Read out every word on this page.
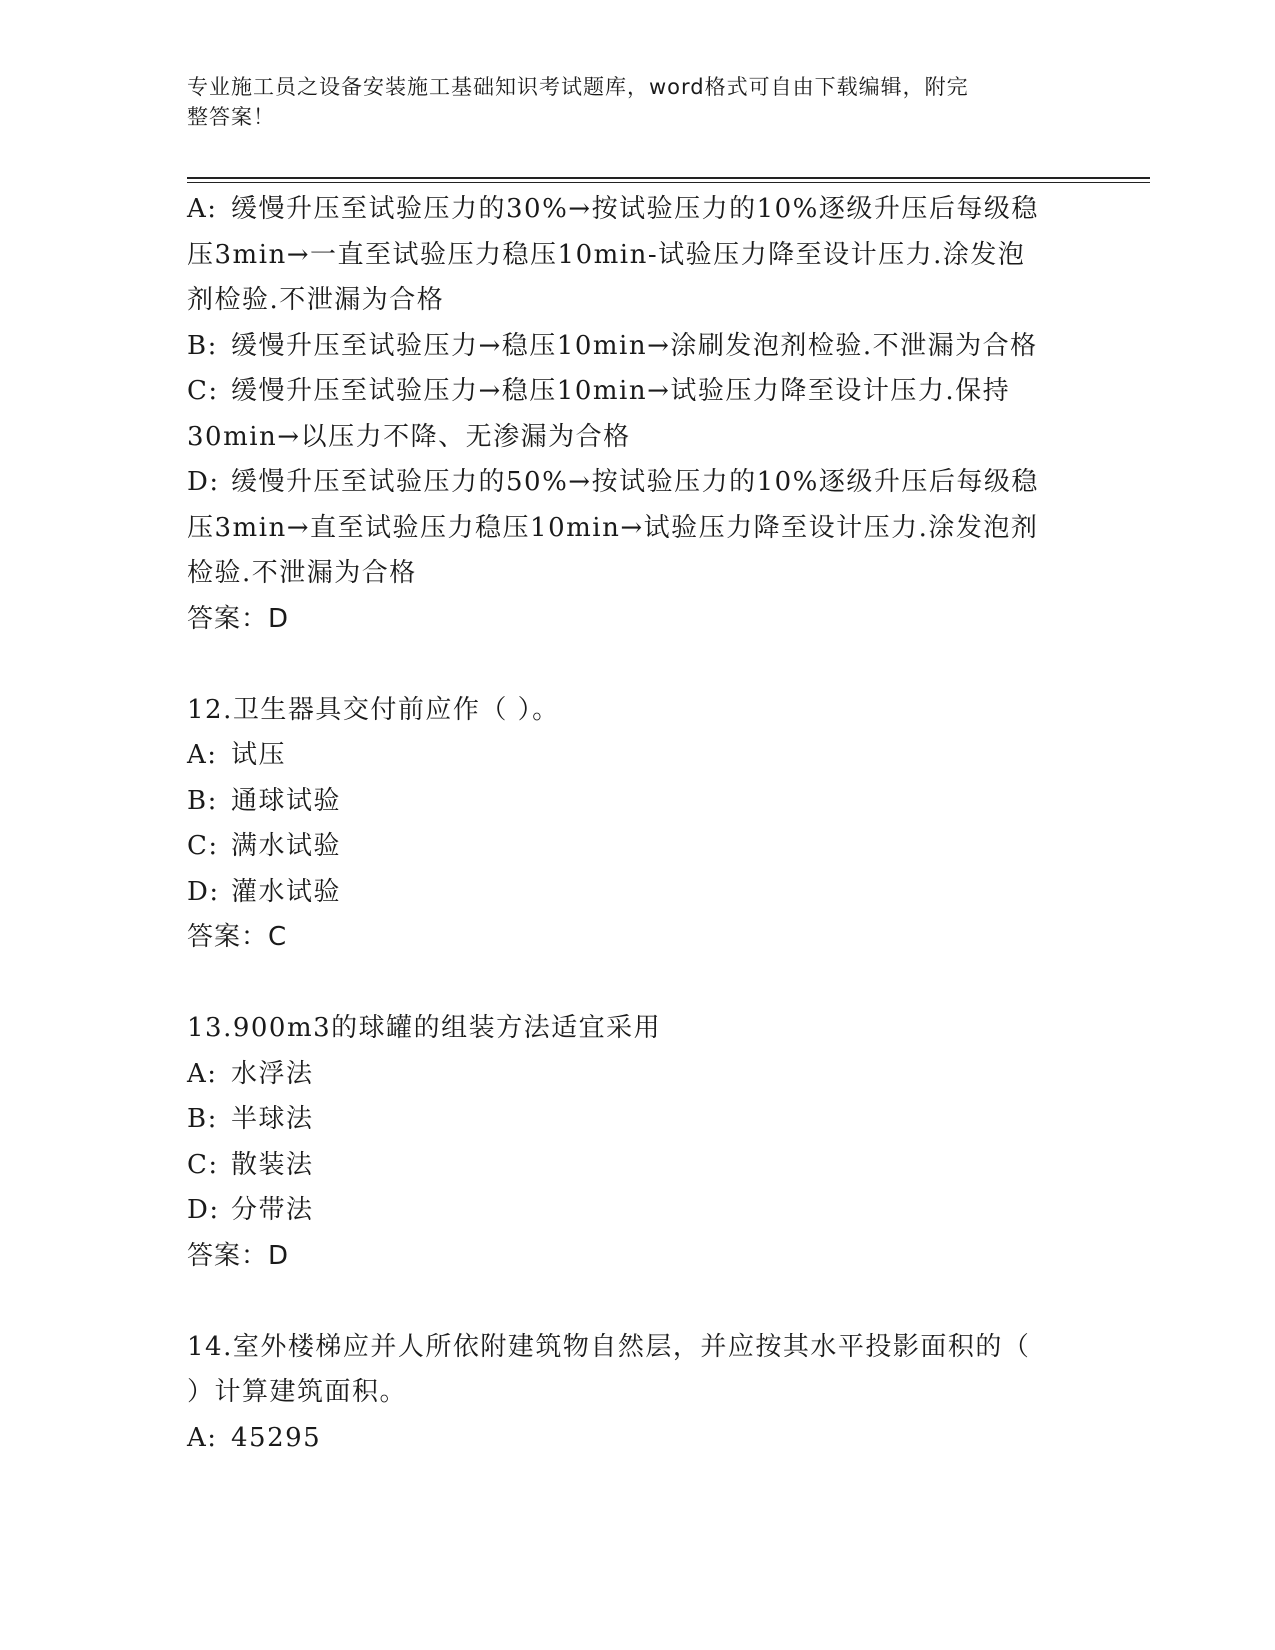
专业施工员之设备安装施工基础知识考试题库，word格式可自由下载编辑，附完
整答案！
A: 缓慢升压至试验压力的30%→按试验压力的10%逐级升压后每级稳
压3min→一直至试验压力稳压10min-试验压力降至设计压力.涂发泡
剂检验.不泄漏为合格
B: 缓慢升压至试验压力→稳压10min→涂刷发泡剂检验.不泄漏为合格
C: 缓慢升压至试验压力→稳压10min→试验压力降至设计压力.保持
30min→以压力不降、无渗漏为合格
D: 缓慢升压至试验压力的50%→按试验压力的10%逐级升压后每级稳
压3min→直至试验压力稳压10min→试验压力降至设计压力.涂发泡剂
检验.不泄漏为合格
答案：D
12.卫生器具交付前应作（ ）。
A: 试压
B: 通球试验
C: 满水试验
D: 灌水试验
答案：C
13.900m3的球罐的组装方法适宜采用
A: 水浮法
B: 半球法
C: 散装法
D: 分带法
答案：D
14.室外楼梯应并人所依附建筑物自然层，并应按其水平投影面积的（
）计算建筑面积。
A: 45295
